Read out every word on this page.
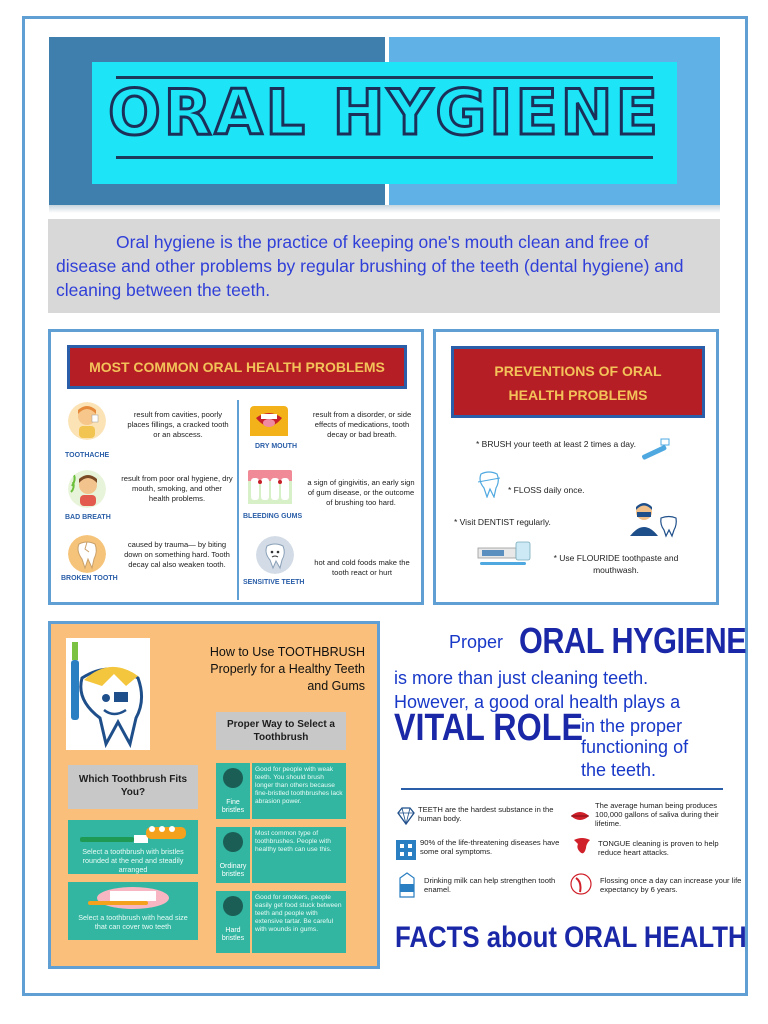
ORAL HYGIENE
Oral hygiene is the practice of keeping one's mouth clean and free of disease and other problems by regular brushing of the teeth (dental hygiene) and cleaning between the teeth.
MOST COMMON ORAL HEALTH PROBLEMS
TOOTHACHE
result from cavities, poorly places fillings, a cracked tooth or an abscess.
BAD BREATH
result from poor oral hygiene, dry mouth, smoking, and other health problems.
BROKEN TOOTH
caused by trauma— by biting down on something hard. Tooth decay cal also weaken tooth.
DRY MOUTH
result from a disorder, or side effects of medications, tooth decay or bad breath.
BLEEDING GUMS
a sign of gingivitis, an early sign of gum disease, or the outcome of brushing too hard.
SENSITIVE TEETH
hot and cold foods make the tooth react or hurt
PREVENTIONS OF ORAL
HEALTH PROBLEMS
* BRUSH your teeth at least 2 times a day.
* FLOSS daily once.
* Visit DENTIST regularly.
* Use FLOURIDE toothpaste and mouthwash.
How to Use TOOTHBRUSH
Properly for a Healthy Teeth
and Gums
Proper Way to Select a Toothbrush
Which Toothbrush Fits You?
Select a toothbrush with bristles rounded at the end and steadily arranged
Select a toothbrush with head size that can cover two teeth
Fine bristles
Good for people with weak teeth. You should brush longer than others because fine-bristled toothbrushes lack abrasion power.
Ordinary bristles
Most common type of toothbrushes. People with healthy teeth can use this.
Hard bristles
Good for smokers, people easily get food stuck between teeth and people with extensive tartar. Be careful with wounds in gums.
Proper ORAL HYGIENE
is more than just cleaning teeth.
However, a good oral health plays a
VITAL ROLE
in the proper
functioning of
the teeth.
TEETH are the hardest substance in the human body.
The average human being produces 100,000 gallons of saliva during their lifetime.
90% of the life-threatening diseases have some oral symptoms.
TONGUE cleaning is proven to help reduce heart attacks.
Drinking milk can help strengthen tooth enamel.
Flossing once a day can increase your life expectancy by 6 years.
FACTS about ORAL HEALTH
